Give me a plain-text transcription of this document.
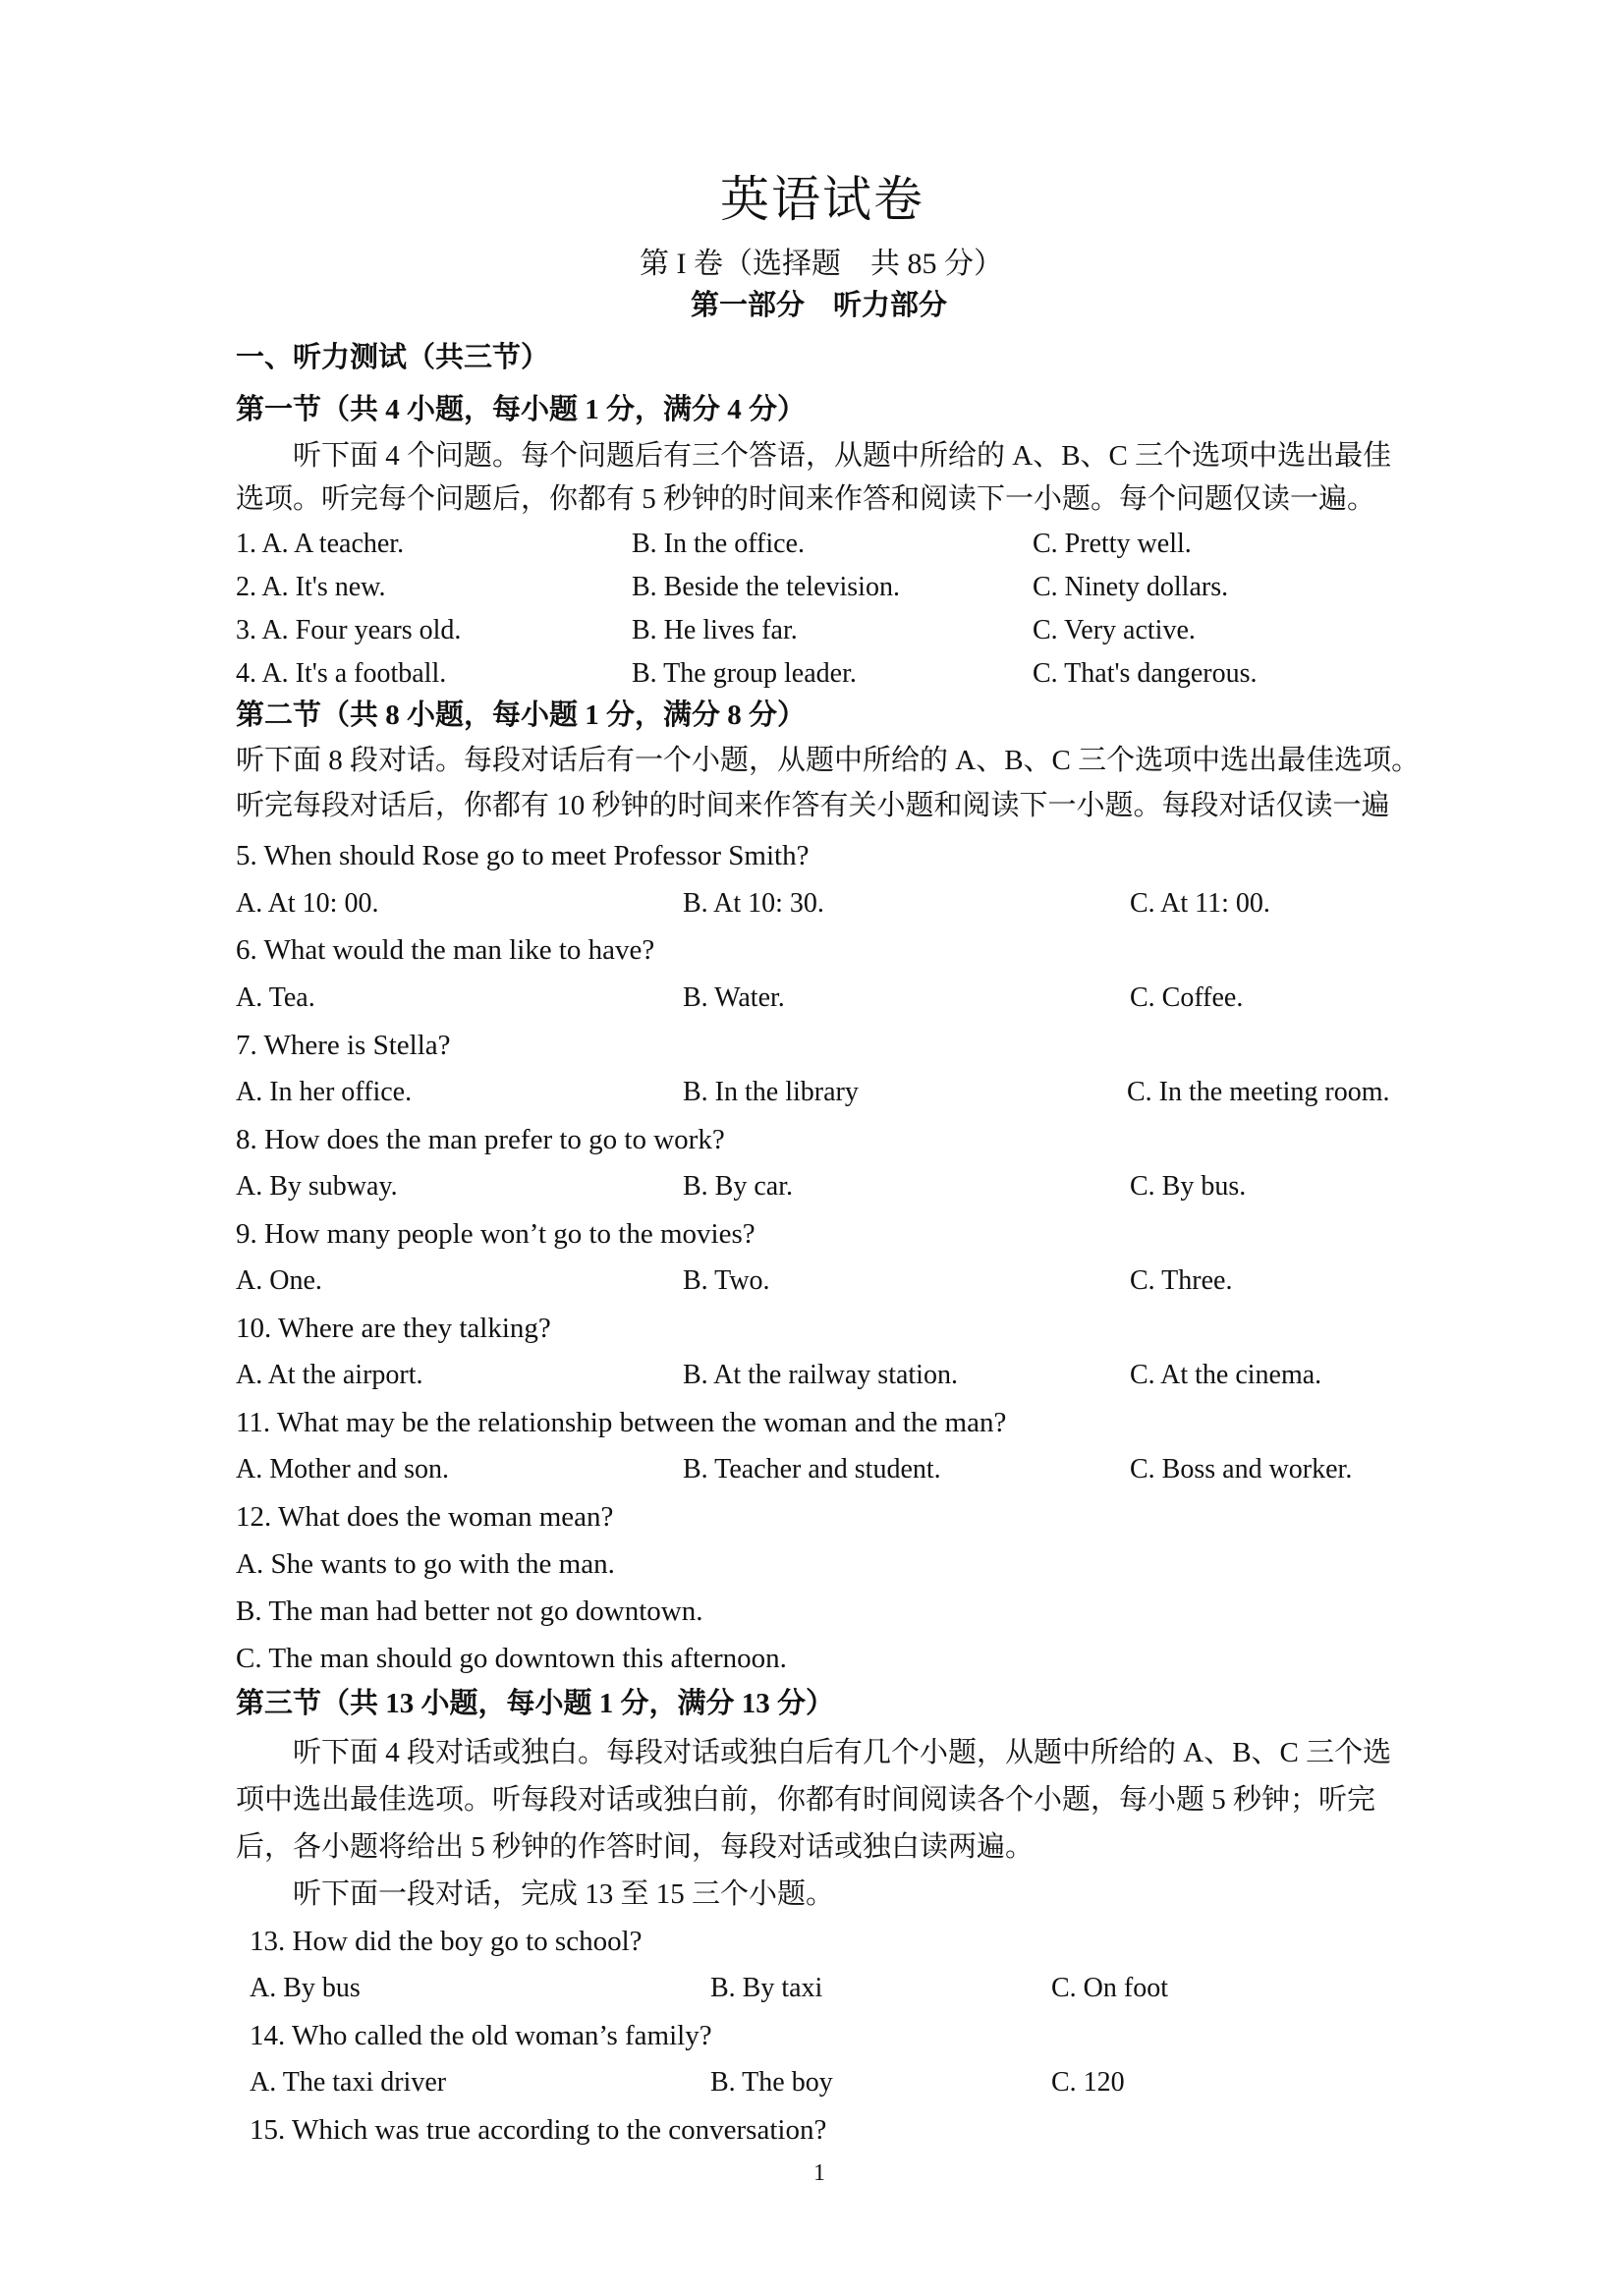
英语试卷
第 I 卷（选择题　共 85 分）
第一部分　听力部分
一、听力测试（共三节）
第一节（共 4 小题，每小题 1 分，满分 4 分）
听下面 4 个问题。每个问题后有三个答语，从题中所给的 A、B、C 三个选项中选出最佳
选项。听完每个问题后，你都有 5 秒钟的时间来作答和阅读下一小题。每个问题仅读一遍。
1. A. A teacher.	B. In the office.	C. Pretty well.
2. A. It's new.	B. Beside the television.	C. Ninety dollars.
3. A. Four years old.	B. He lives far.	C. Very active.
4. A. It's a football.	B. The group leader.	C. That's dangerous.
第二节（共 8 小题，每小题 1 分，满分 8 分）
听下面 8 段对话。每段对话后有一个小题，从题中所给的 A、B、C 三个选项中选出最佳选项。
听完每段对话后，你都有 10 秒钟的时间来作答有关小题和阅读下一小题。每段对话仅读一遍
5. When should Rose go to meet Professor Smith?
A. At 10: 00.	B. At 10: 30.	C. At 11: 00.
6. What would the man like to have?
A. Tea.	B. Water.	C. Coffee.
7. Where is Stella?
A. In her office.	B. In the library	C. In the meeting room.
8. How does the man prefer to go to work?
A. By subway.	B. By car.	C. By bus.
9. How many people won’t go to the movies?
A. One.	B. Two.	C. Three.
10. Where are they talking?
A. At the airport.	B. At the railway station.	C. At the cinema.
11. What may be the relationship between the woman and the man?
A. Mother and son.	B. Teacher and student.	C. Boss and worker.
12. What does the woman mean?
A. She wants to go with the man.
B. The man had better not go downtown.
C. The man should go downtown this afternoon.
第三节（共 13 小题，每小题 1 分，满分 13 分）
听下面 4 段对话或独白。每段对话或独白后有几个小题，从题中所给的 A、B、C 三个选
项中选出最佳选项。听每段对话或独白前，你都有时间阅读各个小题，每小题 5 秒钟；听完
后，各小题将给出 5 秒钟的作答时间，每段对话或独白读两遍。
听下面一段对话，完成 13 至 15 三个小题。
13. How did the boy go to school?
A. By bus	B. By taxi	C. On foot
14. Who called the old woman’s family?
A. The taxi driver	B. The boy	C. 120
15. Which was true according to the conversation?
1
